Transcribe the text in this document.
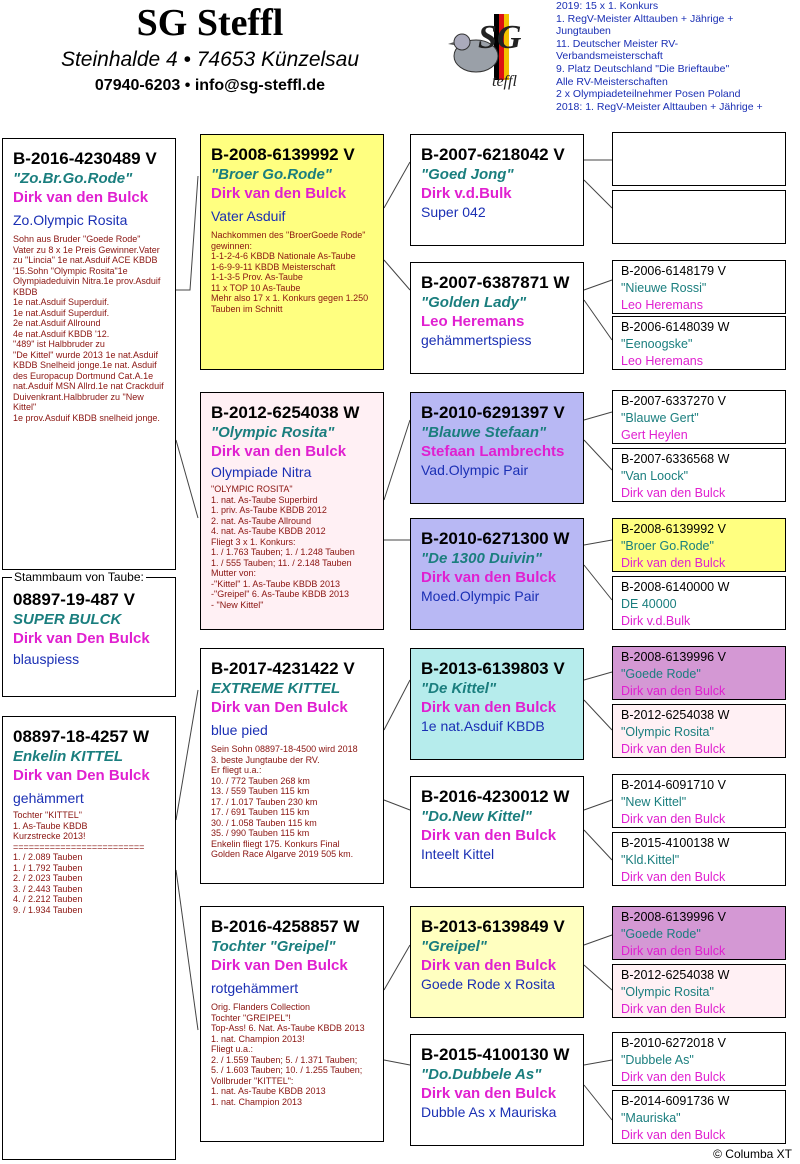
SG Steffl
Steinhalde 4 • 74653 Künzelsau
07940-6203 • info@sg-steffl.de
SG
teffl
2019: 15 x 1. Konkurs
1. RegV-Meister Alttauben + Jährige +
Jungtauben
11. Deutscher Meister RV-
Verbandsmeisterschaft
9. Platz Deutschland "Die Brieftaube"
Alle RV-Meisterschaften
2 x Olympiadeteilnehmer Posen Poland
2018: 1. RegV-Meister Alttauben + Jährige +
B-2016-4230489 V
"Zo.Br.Go.Rode"
Dirk van den Bulck
Zo.Olympic Rosita
Sohn aus Bruder "Goede Rode"
Vater zu 8 x 1e Preis Gewinner.Vater zu "Lincia" 1e nat.Asduif ACE KBDB '15.Sohn "Olympic Rosita"1e Olympiadeduivin Nitra.1e prov.Asduif KBDB
1e nat.Asduif Superduif.
1e nat.Asduif Superduif.
2e nat.Asduif Allround
4e nat.Asduif KBDB '12.
"489" ist Halbbruder zu
"De Kittel" wurde 2013 1e nat.Asduif KBDB Snelheid jonge.1e nat. Asduif des Europacup Dortmund Cat.A.1e nat.Asduif MSN Allrd.1e nat Crackduif Duivenkrant.Halbbruder zu "New Kittel"
1e prov.Asduif KBDB snelheid jonge.
Stammbaum von Taube:
08897-19-487 V
SUPER BULCK
Dirk van Den Bulck
blauspiess
08897-18-4257 W
Enkelin KITTEL
Dirk van Den Bulck
gehämmert
Tochter "KITTEL"
1. As-Taube KBDB
Kurzstrecke 2013!
=========================
1. / 2.089 Tauben
1. / 1.792 Tauben
2. / 2.023 Tauben
3. / 2.443 Tauben
4. / 2.212 Tauben
9. / 1.934 Tauben
B-2008-6139992 V
"Broer Go.Rode"
Dirk van den Bulck
Vater Asduif
Nachkommen des "BroerGoede Rode" gewinnen:
1-1-2-4-6 KBDB Nationale As-Taube
1-6-9-9-11 KBDB Meisterschaft
1-1-3-5 Prov. As-Taube
11 x TOP 10 As-Taube
Mehr also 17 x 1. Konkurs gegen 1.250 Tauben im Schnitt
B-2012-6254038 W
"Olympic Rosita"
Dirk van den Bulck
Olympiade Nitra
"OLYMPIC ROSITA"
1. nat. As-Taube Superbird
1. priv. As-Taube KBDB 2012
2. nat. As-Taube Allround
4. nat. As-Taube KBDB 2012
Fliegt 3 x 1. Konkurs:
1. / 1.763 Tauben; 1. / 1.248 Tauben
1. / 555 Tauben; 11. / 2.148 Tauben
Mutter von:
-"Kittel" 1. As-Taube KBDB 2013
-"Greipel" 6. As-Taube KBDB 2013
- "New Kittel"
B-2017-4231422 V
EXTREME KITTEL
Dirk van Den Bulck
blue pied
Sein Sohn 08897-18-4500 wird 2018
3. beste Jungtaube der RV.
Er fliegt u.a.:
10. / 772 Tauben 268 km
13. / 559 Tauben 115 km
17. / 1.017 Tauben 230 km
17. / 691 Tauben 115 km
30. / 1.058 Tauben 115 km
35. / 990 Tauben 115 km
Enkelin fliegt 175. Konkurs Final
Golden Race Algarve 2019 505 km.
B-2016-4258857 W
Tochter "Greipel"
Dirk van Den Bulck
rotgehämmert
Orig. Flanders Collection
Tochter "GREIPEL"!
Top-Ass! 6. Nat. As-Taube KBDB 2013
1. nat. Champion 2013!
Fliegt u.a.:
2. / 1.559 Tauben; 5. / 1.371 Tauben;
5. / 1.603 Tauben; 10. / 1.255 Tauben;
Vollbruder "KITTEL":
1. nat. As-Taube KBDB 2013
1. nat. Champion 2013
B-2007-6218042 V
"Goed Jong"
Dirk v.d.Bulk
Super 042
B-2007-6387871 W
"Golden Lady"
Leo Heremans
gehämmertspiess
B-2010-6291397 V
"Blauwe Stefaan"
Stefaan Lambrechts
Vad.Olympic Pair
B-2010-6271300 W
"De 1300 Duivin"
Dirk van den Bulck
Moed.Olympic Pair
B-2013-6139803 V
"De Kittel"
Dirk van den Bulck
1e nat.Asduif KBDB
B-2016-4230012 W
"Do.New Kittel"
Dirk van den Bulck
Inteelt Kittel
B-2013-6139849 V
"Greipel"
Dirk van den Bulck
Goede Rode x Rosita
B-2015-4100130 W
"Do.Dubbele As"
Dirk van den Bulck
Dubble As x Mauriska
B-2006-6148179 V
"Nieuwe Rossi"
Leo Heremans
B-2006-6148039 W
"Eenoogske"
Leo Heremans
B-2007-6337270 V
"Blauwe Gert"
Gert Heylen
B-2007-6336568 W
"Van Loock"
Dirk van den Bulck
B-2008-6139992 V
"Broer Go.Rode"
Dirk van den Bulck
B-2008-6140000 W
DE 40000
Dirk v.d.Bulk
B-2008-6139996 V
"Goede Rode"
Dirk van den Bulck
B-2012-6254038 W
"Olympic Rosita"
Dirk van den Bulck
B-2014-6091710 V
"New Kittel"
Dirk van den Bulck
B-2015-4100138 W
"Kld.Kittel"
Dirk van den Bulck
B-2008-6139996 V
"Goede Rode"
Dirk van den Bulck
B-2012-6254038 W
"Olympic Rosita"
Dirk van den Bulck
B-2010-6272018 V
"Dubbele As"
Dirk van den Bulck
B-2014-6091736 W
"Mauriska"
Dirk van den Bulck
© Columba XT
